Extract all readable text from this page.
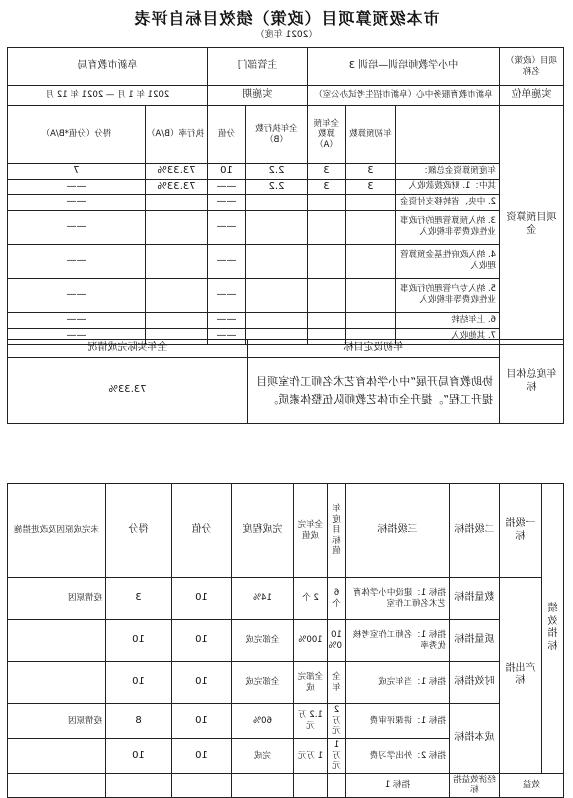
市本级预算项目（政策）绩效目标自评表
（2021 年度）
项目（政策）名称	中小学教师培训—培训 3			主管部门		阜新市教育局	
实施单位	阜新市教育服务中心（阜新市招生考试办公室）			实施期		2021 年 1 月 — 2021 年 12 月	
项目预算资金		年初预算数	全年预算数（A）	全年执行数（B）	分值	执行率（B/A）	得分（分值*B/A）
	年度预算资金总额：	3	3	2.2	10	73.33%	7
	其中：1. 财政拨款收入	3	3	2.2	——	73.33%	——
	2. 中央、省转移支付资金				——		——
	3. 纳入预算管理的行政事业性收费等非税收入				——		——
	4. 纳入政府性基金预算管理收入				——		——
	5. 纳入专户管理的行政事业性收费等非税收入				——		——
	6. 上年结转				——		——
	7. 其他收入				——		——
年度总体目标	年初设定目标	全年实际完成情况
	协助教育局开展“中小学体育艺术名师工作室项目提升工程”。提升全市体艺教师队伍整体素质。	73.33%
绩效指标	一级指标	二级指标	三级指标	年度目标值	全年完成值	完成程度	分值	得分	未完成原因及改进措施
	产出指标	数量指标	指标 1：建设中小学体育艺术名师工作室	6 个	2 个	14%	10	3	疫情原因
		质量指标	指标 1：名师工作室考核优秀率	100%	100%	全部完成	10	10	
		时效指标	指标 1：当年完成	全年	全部完成	全部完成	10	10	
		成本指标	指标 1：讲课评审费	2 万元	1.2 万元	60%	10	8	疫情原因
			指标 2：外出学习费	1 万元	1 万元	完成	10	10	
效益		经济效益指标	指标 1						
